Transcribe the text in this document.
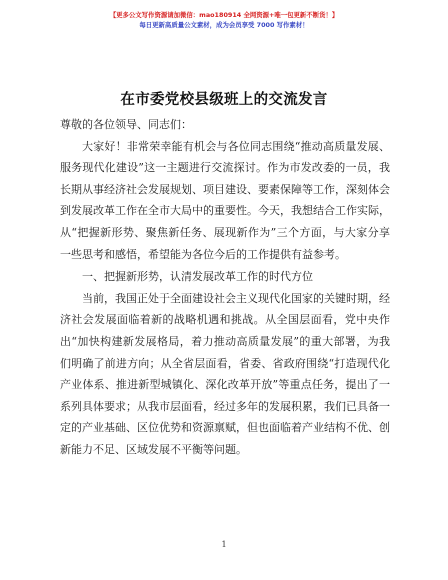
【更多公文写作资源请加微信：mao180914 全网资源+唯一包更新不断货！】
每日更新高质量公文素材，成为会员享受 7000 写作素材！
在市委党校县级班上的交流发言

尊敬的各位领导、同志们：

大家好！非常荣幸能有机会与各位同志围绕“推动高质量发展、服务现代化建设”这一主题进行交流探讨。作为市发改委的一员，我长期从事经济社会发展规划、项目建设、要素保障等工作，深刻体会到发展改革工作在全市大局中的重要性。今天，我想结合工作实际，从“把握新形势、聚焦新任务、展现新作为”三个方面，与大家分享一些思考和感悟，希望能为各位今后的工作提供有益参考。

一、把握新形势，认清发展改革工作的时代方位

当前，我国正处于全面建设社会主义现代化国家的关键时期，经济社会发展面临着新的战略机遇和挑战。从全国层面看，党中央作出“加快构建新发展格局，着力推动高质量发展”的重大部署，为我们明确了前进方向；从全省层面看，省委、省政府围绕“打造现代化产业体系、推进新型城镇化、深化改革开放”等重点任务，提出了一系列具体要求；从我市层面看，经过多年的发展积累，我们已具备一定的产业基础、区位优势和资源禀赋，但也面临着产业结构不优、创新能力不足、区域发展不平衡等问题。

1
